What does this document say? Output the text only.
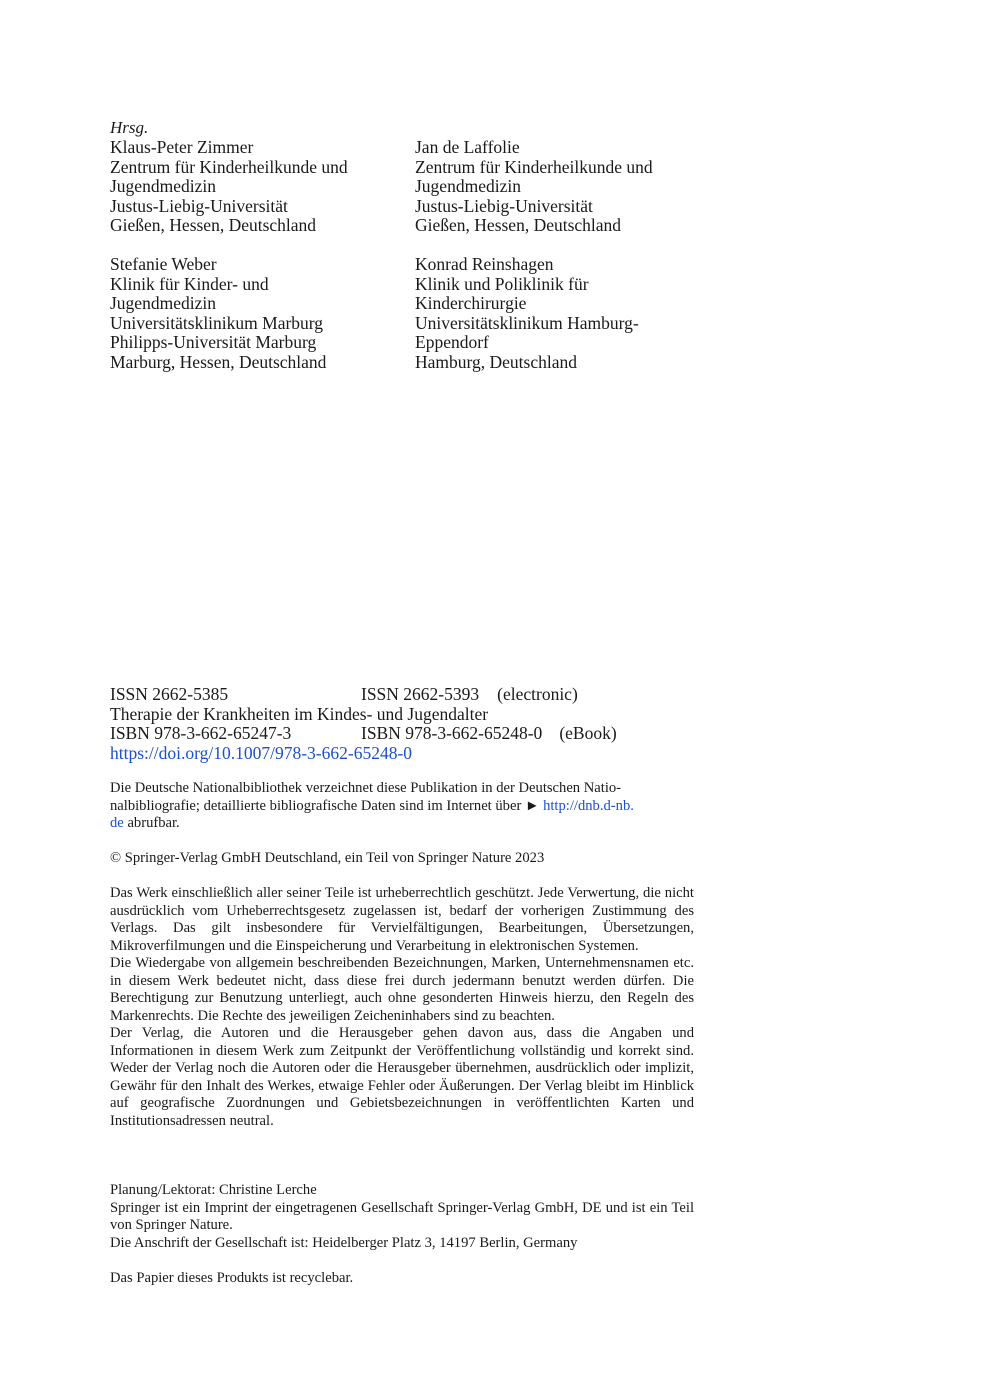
Hrsg.
Klaus-Peter Zimmer
Zentrum für Kinderheilkunde und
Jugendmedizin
Justus-Liebig-Universität
Gießen, Hessen, Deutschland
Jan de Laffolie
Zentrum für Kinderheilkunde und
Jugendmedizin
Justus-Liebig-Universität
Gießen, Hessen, Deutschland
Stefanie Weber
Klinik für Kinder- und
Jugendmedizin
Universitätsklinikum Marburg
Philipps-Universität Marburg
Marburg, Hessen, Deutschland
Konrad Reinshagen
Klinik und Poliklinik für
Kinderchirurgie
Universitätsklinikum Hamburg-
Eppendorf
Hamburg, Deutschland
ISSN 2662-5385	ISSN 2662-5393 (electronic)
Therapie der Krankheiten im Kindes- und Jugendalter
ISBN 978-3-662-65247-3	ISBN 978-3-662-65248-0 (eBook)
https://doi.org/10.1007/978-3-662-65248-0
Die Deutsche Nationalbibliothek verzeichnet diese Publikation in der Deutschen Natio-
nalbibliografie; detaillierte bibliografische Daten sind im Internet über ► http://dnb.d-nb.
de abrufbar.
© Springer-Verlag GmbH Deutschland, ein Teil von Springer Nature 2023

Das Werk einschließlich aller seiner Teile ist urheberrechtlich geschützt. Jede Verwertung, die nicht ausdrücklich vom Urheberrechtsgesetz zugelassen ist, bedarf der vorherigen Zustimmung des Verlags. Das gilt insbesondere für Vervielfältigungen, Bearbeitungen, Übersetzungen, Mikroverfilmungen und die Einspeicherung und Verarbeitung in elektronischen Systemen.

Die Wiedergabe von allgemein beschreibenden Bezeichnungen, Marken, Unternehmensnamen etc. in diesem Werk bedeutet nicht, dass diese frei durch jedermann benutzt werden dürfen. Die Berechtigung zur Benutzung unterliegt, auch ohne gesonderten Hinweis hierzu, den Regeln des Markenrechts. Die Rechte des jeweiligen Zeicheninhabers sind zu beachten.

Der Verlag, die Autoren und die Herausgeber gehen davon aus, dass die Angaben und Informationen in diesem Werk zum Zeitpunkt der Veröffentlichung vollständig und korrekt sind. Weder der Verlag noch die Autoren oder die Herausgeber übernehmen, ausdrücklich oder implizit, Gewähr für den Inhalt des Werkes, etwaige Fehler oder Äußerungen. Der Verlag bleibt im Hinblick auf geografische Zuordnungen und Gebietsbezeichnungen in veröffentlichten Karten und Institutionsadressen neutral.

Planung/Lektorat: Christine Lerche
Springer ist ein Imprint der eingetragenen Gesellschaft Springer-Verlag GmbH, DE und ist ein Teil von Springer Nature.
Die Anschrift der Gesellschaft ist: Heidelberger Platz 3, 14197 Berlin, Germany
Das Papier dieses Produkts ist recyclebar.
